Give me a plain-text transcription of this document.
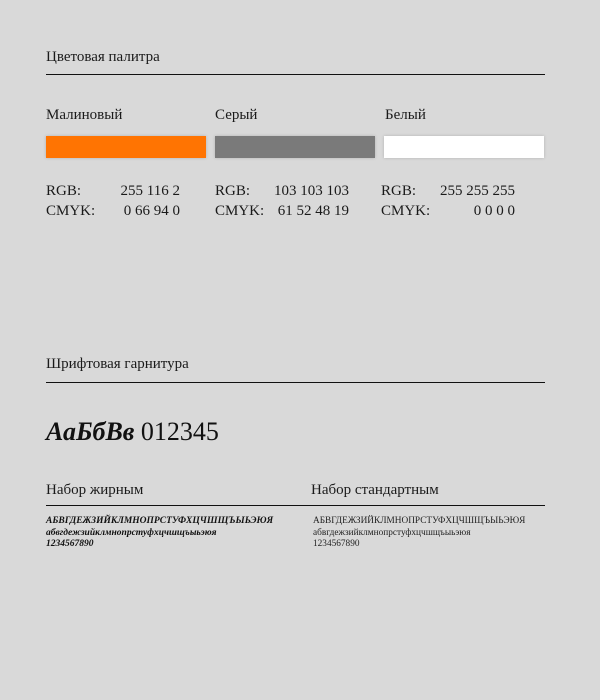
Цветовая палитра
Малиновый	Серый	Белый
RGB:	255 116 2
CMYK:	0 66 94 0
RGB:	103 103 103
CMYK: 61 52 48 19
RGB:	255 255 255
CMYK:	0 0 0 0
Шрифтовая гарнитура
АаБбВв 012345
Набор жирным	Набор стандартным
АБВГДЕЖЗИЙКЛМНОПРСТУФХЦЧШЩЪЫЬЭЮЯ
абвгдежзийклмнопрстуфхцчшщъыьэюя
1234567890
АБВГДЕЖЗИЙКЛМНОПРСТУФХЦЧШЩЪЫЬЭЮЯ
абвгдежзийклмнопрстуфхцчшщъыьэюя
1234567890
